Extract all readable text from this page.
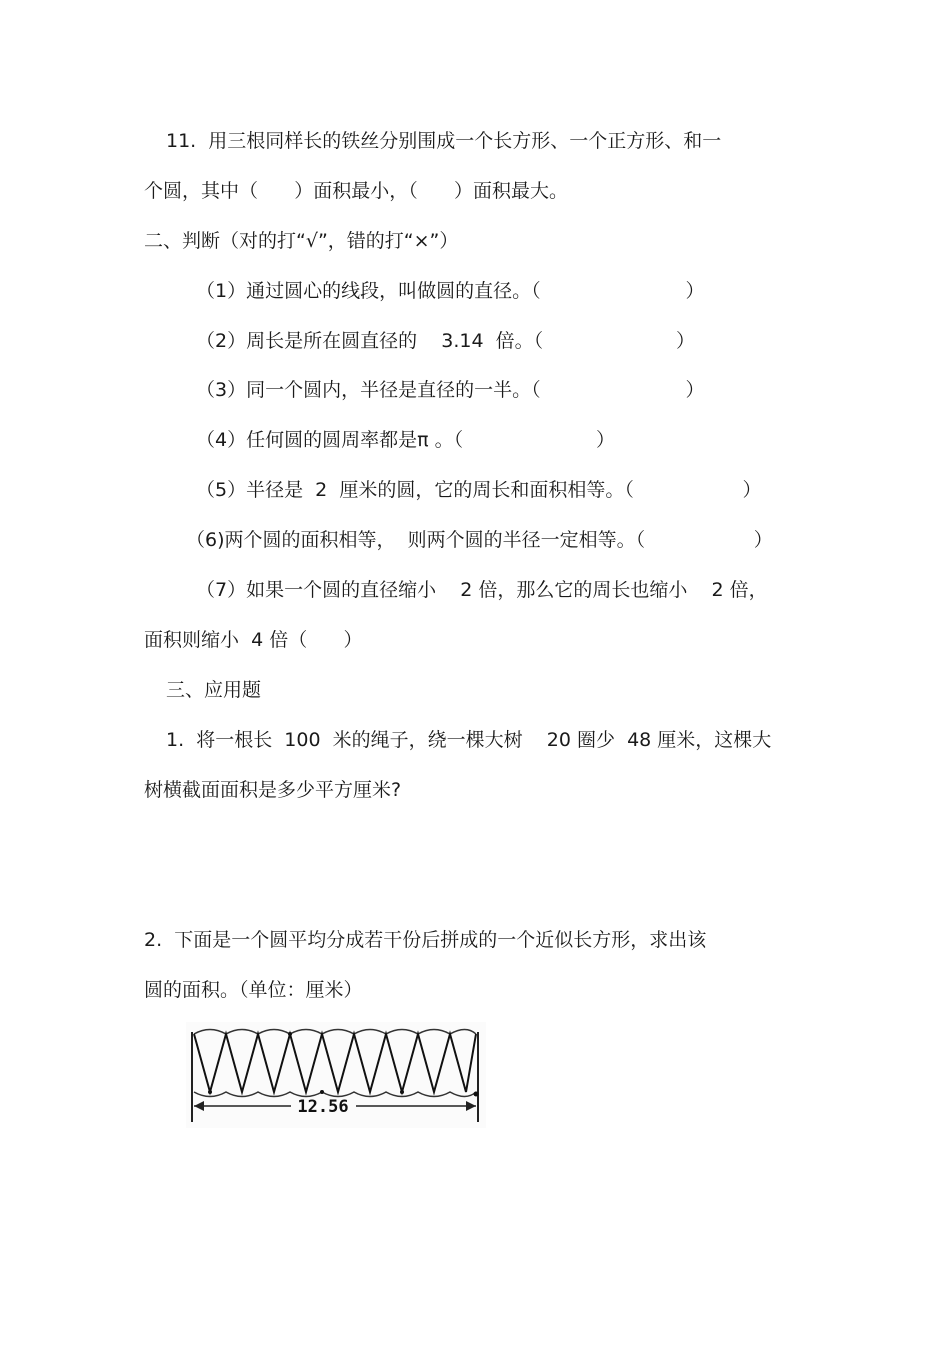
11.  用三根同样长的铁丝分别围成一个长方形、一个正方形、和一
个圆，其中（      ）面积最小，（      ）面积最大。
二、判断（对的打“√”，错的打“×”）
（1）通过圆心的线段，叫做圆的直径。（                        ）
（2）周长是所在圆直径的    3.14  倍。（                      ）
（3）同一个圆内，半径是直径的一半。（                        ）
（4）任何圆的圆周率都是π 。（                      ）
（5）半径是  2  厘米的圆，它的周长和面积相等。（                  ）
（6)两个圆的面积相等，  则两个圆的半径一定相等。（                  ）
（7）如果一个圆的直径缩小    2 倍，那么它的周长也缩小    2 倍，
面积则缩小  4 倍（      ）
三、应用题
1.  将一根长  100  米的绳子，绕一棵大树    20 圈少  48 厘米，这棵大
树横截面面积是多少平方厘米?
2.  下面是一个圆平均分成若干份后拼成的一个近似长方形，求出该
圆的面积。（单位：厘米）
12.56
